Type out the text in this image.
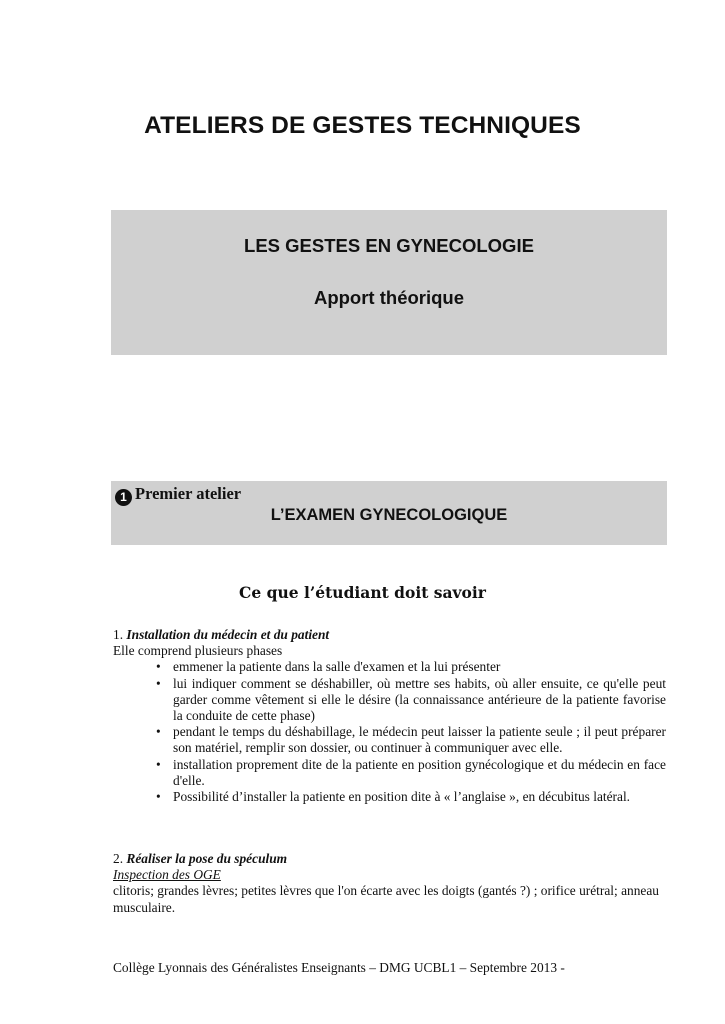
ATELIERS DE GESTES TECHNIQUES
LES GESTES EN GYNECOLOGIE
Apport théorique
1 Premier atelier
L’EXAMEN GYNECOLOGIQUE
Ce que l’étudiant doit savoir

1. Installation du médecin et du patient

Elle comprend plusieurs phases

• emmener la patiente dans la salle d'examen et la lui présenter
• lui indiquer comment se déshabiller, où mettre ses habits, où aller ensuite, ce qu'elle peut garder comme vêtement si elle le désire (la connaissance antérieure de la patiente favorise la conduite de cette phase)
• pendant le temps du déshabillage, le médecin peut laisser la patiente seule ; il peut préparer son matériel, remplir son dossier, ou continuer à communiquer avec elle.
• installation proprement dite de la patiente en position gynécologique et du médecin en face d'elle.
• Possibilité d’installer la patiente en position dite à « l’anglaise », en décubitus latéral.

2. Réaliser la pose du spéculum

Inspection des OGE

clitoris; grandes lèvres; petites lèvres que l'on écarte avec les doigts (gantés ?) ; orifice urétral; anneau musculaire.

Collège Lyonnais des Généralistes Enseignants – DMG UCBL1 – Septembre 2013 -
